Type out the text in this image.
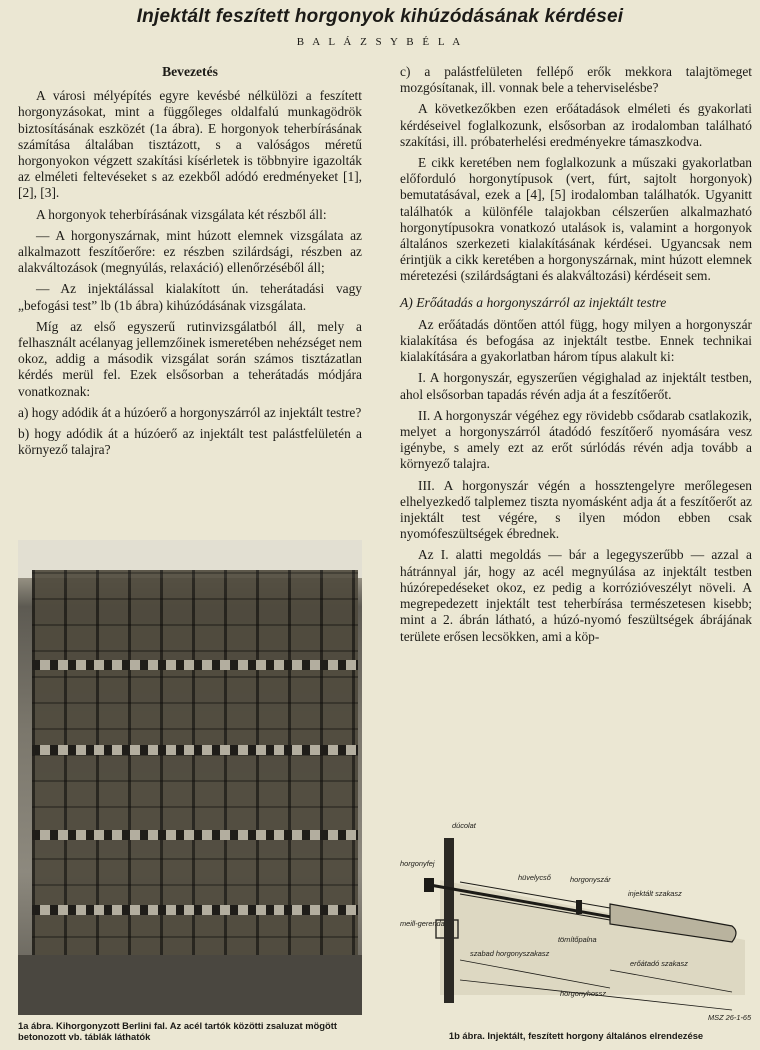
Injektált feszített horgonyok kihúzódásának kérdései
B A L Á Z S Y B É L A
Bevezetés

A városi mélyépítés egyre kevésbé nélkülözi a feszített horgonyzásokat, mint a függőleges oldalfalú munkagödrök biztosításának eszközét (1a ábra). E horgonyok teherbírásának számítása általában tisztázott, s a valóságos méretű horgonyokon végzett szakítási kísérletek is többnyire igazolták az elméleti feltevéseket s az ezekből adódó eredményeket [1], [2], [3].

A horgonyok teherbírásának vizsgálata két részből áll:

— A horgonyszárnak, mint húzott elemnek vizsgálata az alkalmazott feszítőerőre: ez részben szilárdsági, részben az alakváltozások (megnyúlás, relaxáció) ellenőrzéséből áll;

— Az injektálással kialakított ún. teherátadási vagy „befogási test” lb (1b ábra) kihúzódásának vizsgálata.

Míg az első egyszerű rutinvizsgálatból áll, mely a felhasznált acélanyag jellemzőinek ismeretében nehézséget nem okoz, addig a második vizsgálat során számos tisztázatlan kérdés merül fel. Ezek elsősorban a teherátadás módjára vonatkoznak:

a) hogy adódik át a húzóerő a horgonyszárról az injektált testre?

b) hogy adódik át a húzóerő az injektált test palástfelületén a környező talajra?

1a ábra. Kihorgonyzott Berlini fal. Az acél tartók közötti zsaluzat mögött betonozott vb. táblák láthatók

c) a palástfelületen fellépő erők mekkora talajtömeget mozgósítanak, ill. vonnak bele a teherviselésbe?

A következőkben ezen erőátadások elméleti és gyakorlati kérdéseivel foglalkozunk, elsősorban az irodalomban található szakítási, ill. próbaterhelési eredményekre támaszkodva.

E cikk keretében nem foglalkozunk a műszaki gyakorlatban előforduló horgonytípusok (vert, fúrt, sajtolt horgonyok) bemutatásával, ezek a [4], [5] irodalomban találhatók. Ugyanitt találhatók a különféle talajokban célszerűen alkalmazható horgonytípusokra vonatkozó utalások is, valamint a horgonyok általános szerkezeti kialakításának kérdései. Ugyancsak nem érintjük a cikk keretében a horgonyszárnak, mint húzott elemnek méretezési (szilárdságtani és alakváltozási) kérdéseit sem.

A) Erőátadás a horgonyszárról az injektált testre

Az erőátadás döntően attól függ, hogy milyen a horgonyszár kialakítása és befogása az injektált testbe. Ennek technikai kialakítására a gyakorlatban három típus alakult ki:

I. A horgonyszár, egyszerűen végighalad az injektált testben, ahol elsősorban tapadás révén adja át a feszítőerőt.

II. A horgonyszár végéhez egy rövidebb csődarab csatlakozik, melyet a horgonyszárról átadódó feszítőerő nyomására vesz igénybe, s amely ezt az erőt súrlódás révén adja tovább a környező talajra.

III. A horgonyszár végén a hossztengelyre merőlegesen elhelyezkedő talplemez tiszta nyomásként adja át a feszítőerőt az injektált test végére, s ilyen módon ebben csak nyomófeszültségek ébrednek.

Az I. alatti megoldás — bár a legegyszerűbb — azzal a hátránnyal jár, hogy az acél megnyúlása az injektált testben húzórepedéseket okoz, ez pedig a korrózióveszélyt növeli. A megrepedezett injektált test teherbírása természetesen kisebb; mint a 2. ábrán látható, a húzó-nyomó feszültségek ábrájának területe erősen lecsökken, ami a köp-

dúcolat
horgonyfej
hüvelycső	horgonyszár
injektált szakasz
meill-gerenda
tömítőpalna
szabad horgonyszakasz
erőátadó szakasz
horgonyhossz
MSZ 26-1-65
1b ábra. Injektált, feszített horgony általános elrendezése
